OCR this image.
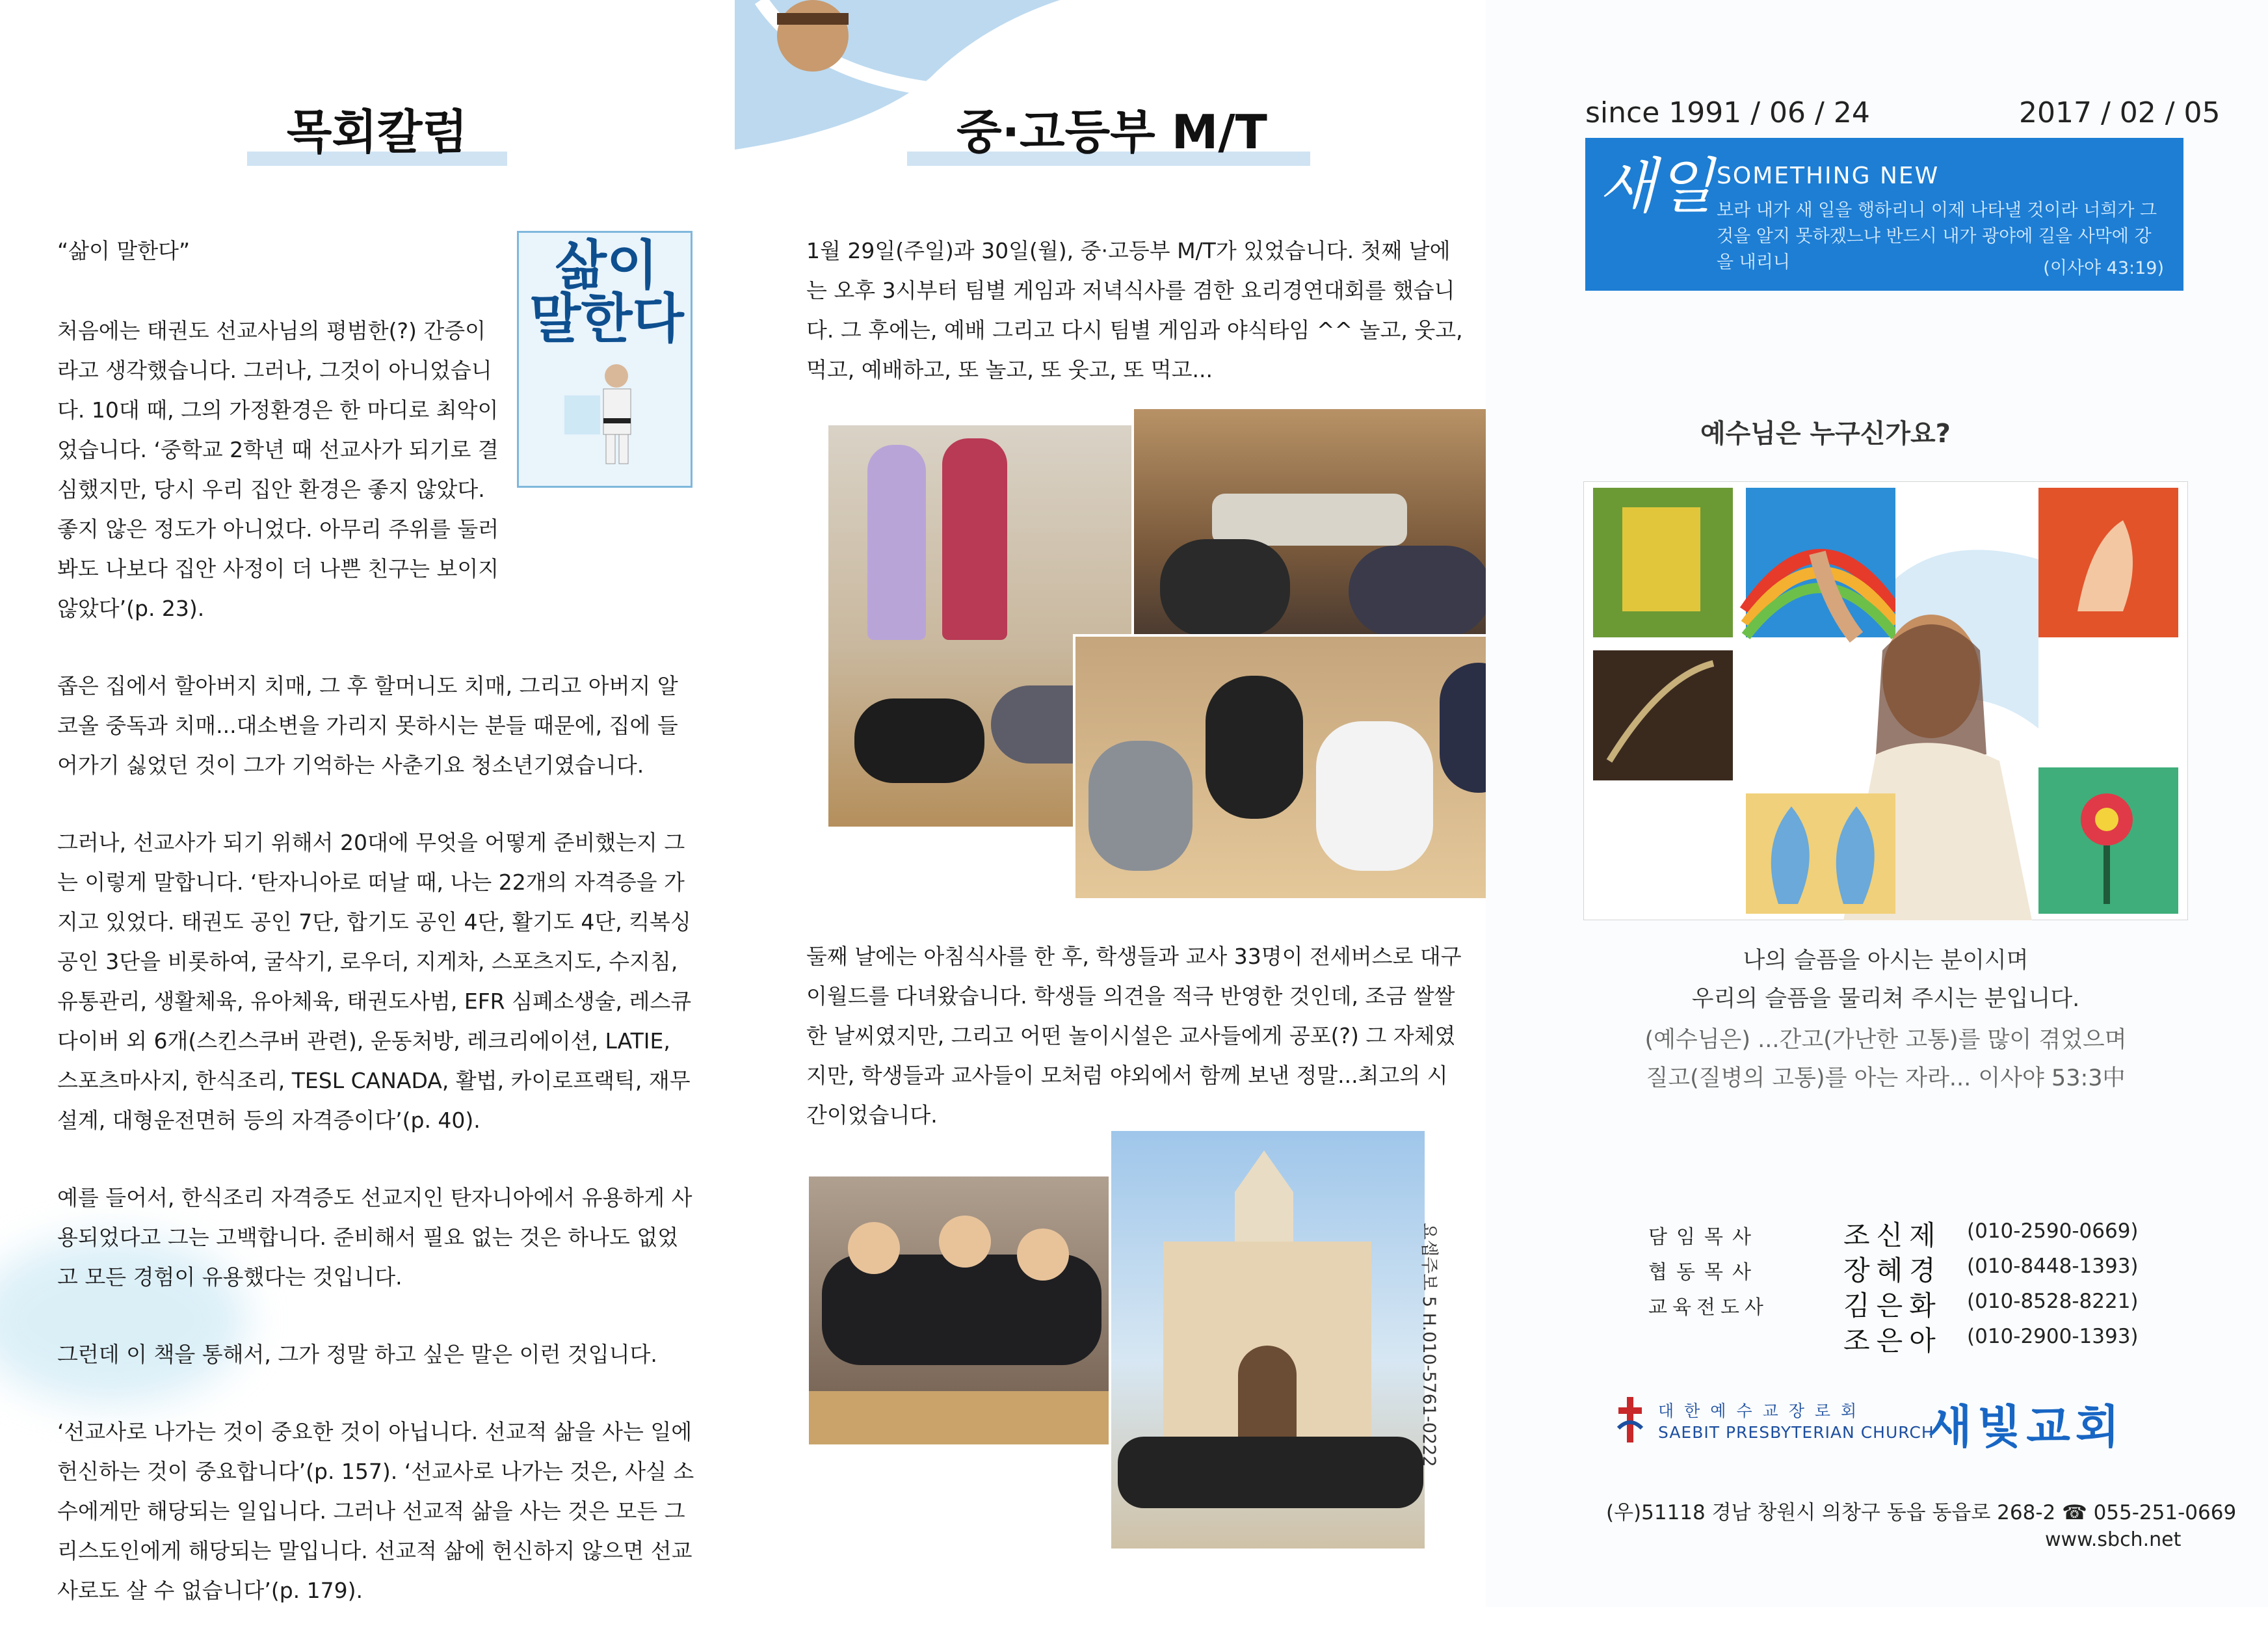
목회칼럼
삶이 말한다
“삶이 말한다”

처음에는 태권도 선교사님의 평범한(?) 간증이라고 생각했습니다. 그러나, 그것이 아니었습니다. 10대 때, 그의 가정환경은 한 마디로 최악이었습니다. ‘중학교 2학년 때 선교사가 되기로 결심했지만, 당시 우리 집안 환경은 좋지 않았다. 좋지 않은 정도가 아니었다. 아무리 주위를 둘러봐도 나보다 집안 사정이 더 나쁜 친구는 보이지 않았다’(p. 23).

좁은 집에서 할아버지 치매, 그 후 할머니도 치매, 그리고 아버지 알코올 중독과 치매...대소변을 가리지 못하시는 분들 때문에, 집에 들어가기 싫었던 것이 그가 기억하는 사춘기요 청소년기였습니다.

그러나, 선교사가 되기 위해서 20대에 무엇을 어떻게 준비했는지 그는 이렇게 말합니다. ‘탄자니아로 떠날 때, 나는 22개의 자격증을 가지고 있었다. 태권도 공인 7단, 합기도 공인 4단, 활기도 4단, 킥복싱 공인 3단을 비롯하여, 굴삭기, 로우더, 지게차, 스포츠지도, 수지침, 유통관리, 생활체육, 유아체육, 태권도사범, EFR 심폐소생술, 레스큐 다이버 외 6개(스킨스쿠버 관련), 운동처방, 레크리에이션, LATIE, 스포츠마사지, 한식조리, TESL CANADA, 활법, 카이로프랙틱, 재무설계, 대형운전면허 등의 자격증이다’(p. 40).

예를 들어서, 한식조리 자격증도 선교지인 탄자니아에서 유용하게 사용되었다고 그는 고백합니다. 준비해서 필요 없는 것은 하나도 없었고 모든 경험이 유용했다는 것입니다.

그런데 이 책을 통해서, 그가 정말 하고 싶은 말은 이런 것입니다.

‘선교사로 나가는 것이 중요한 것이 아닙니다. 선교적 삶을 사는 일에 헌신하는 것이 중요합니다’(p. 157). ‘선교사로 나가는 것은, 사실 소수에게만 해당되는 일입니다. 그러나 선교적 삶을 사는 것은 모든 그리스도인에게 해당되는 말입니다. 선교적 삶에 헌신하지 않으면 선교사로도 살 수 없습니다’(p. 179).

중·고등부 M/T
1월 29일(주일)과 30일(월), 중·고등부 M/T가 있었습니다. 첫째 날에는 오후 3시부터 팀별 게임과 저녁식사를 겸한 요리경연대회를 했습니다. 그 후에는, 예배 그리고 다시 팀별 게임과 야식타임 ^^ 놀고, 웃고, 먹고, 예배하고, 또 놀고, 또 웃고, 또 먹고...
둘째 날에는 아침식사를 한 후, 학생들과 교사 33명이 전세버스로 대구 이월드를 다녀왔습니다. 학생들 의견을 적극 반영한 것인데, 조금 쌀쌀한 날씨였지만, 그리고 어떤 놀이시설은 교사들에게 공포(?) 그 자체였지만, 학생들과 교사들이 모처럼 야외에서 함께 보낸 정말...최고의 시간이었습니다.
요셉주보 5 H.010-5761-0222
since 1991 / 06 / 24	2017 / 02 / 05
새일 SOMETHING NEW
보라 내가 새 일을 행하리니 이제 나타낼 것이라 너희가 그것을 알지 못하겠느냐 반드시 내가 광야에 길을 사막에 강을 내리니	(이사야 43:19)
예수님은 누구신가요?
나의 슬픔을 아시는 분이시며
우리의 슬픔을 물리쳐 주시는 분입니다.
(예수님은) ...간고(가난한 고통)를 많이 겪었으며
질고(질병의 고통)를 아는 자라... 이사야 53:3中
담임목사	조신제 (010-2590-0669)
협동목사	장혜경 (010-8448-1393)
교육전도사	김은화 (010-8528-8221)
조은아 (010-2900-1393)
대한예수교장로회
SAEBIT PRESBYTERIAN CHURCH
새빛교회
(우)51118 경남 창원시 의창구 동읍 동읍로 268-2 ☎ 055-251-0669
www.sbch.net
